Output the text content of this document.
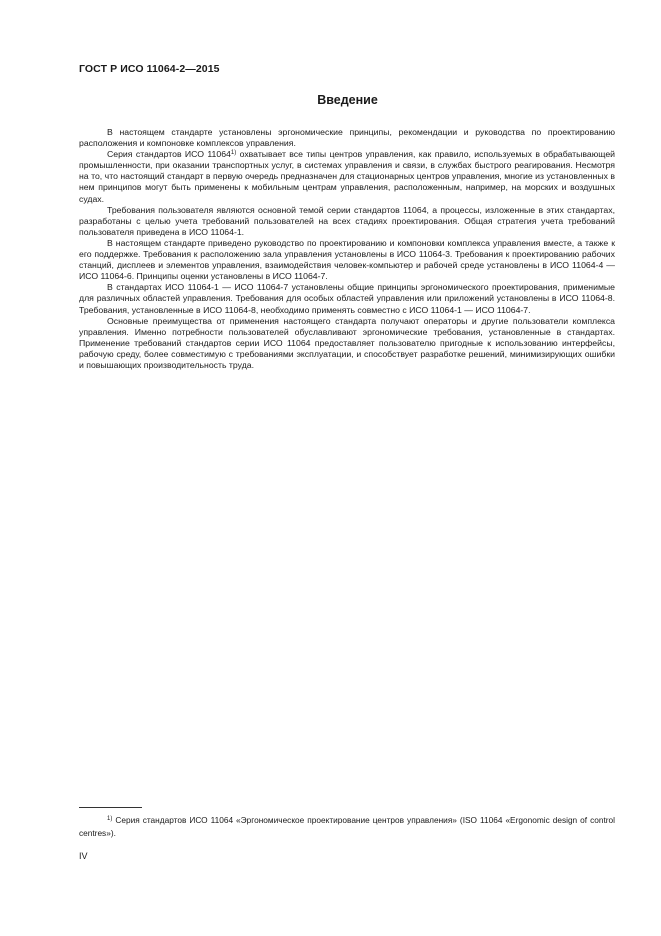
ГОСТ Р ИСО 11064-2—2015
Введение

В настоящем стандарте установлены эргономические принципы, рекомендации и руководства по проектированию расположения и компоновке комплексов управления.

Серия стандартов ИСО 11064$^{1)}$ охватывает все типы центров управления, как правило, используемых в обрабатывающей промышленности, при оказании транспортных услуг, в системах управления и связи, в службах быстрого реагирования. Несмотря на то, что настоящий стандарт в первую очередь предназначен для стационарных центров управления, многие из установленных в нем принципов могут быть применены к мобильным центрам управления, расположенным, например, на морских и воздушных судах.

Требования пользователя являются основной темой серии стандартов 11064, а процессы, изложенные в этих стандартах, разработаны с целью учета требований пользователей на всех стадиях проектирования. Общая стратегия учета требований пользователя приведена в ИСО 11064-1.

В настоящем стандарте приведено руководство по проектированию и компоновки комплекса управления вместе, а также к его поддержке. Требования к расположению зала управления установлены в ИСО 11064-3. Требования к проектированию рабочих станций, дисплеев и элементов управления, взаимодействия человек-компьютер и рабочей среде установлены в ИСО 11064-4 — ИСО 11064-6. Принципы оценки установлены в ИСО 11064-7.

В стандартах ИСО 11064-1 — ИСО 11064-7 установлены общие принципы эргономического проектирования, применимые для различных областей управления. Требования для особых областей управления или приложений установлены в ИСО 11064-8. Требования, установленные в ИСО 11064-8, необходимо применять совместно с ИСО 11064-1 — ИСО 11064-7.

Основные преимущества от применения настоящего стандарта получают операторы и другие пользователи комплекса управления. Именно потребности пользователей обуславливают эргономические требования, установленные в стандартах. Применение требований стандартов серии ИСО 11064 предоставляет пользователю пригодные к использованию интерфейсы, рабочую среду, более совместимую с требованиями эксплуатации, и способствует разработке решений, минимизирующих ошибки и повышающих производительность труда.

$^{1)}$ Серия стандартов ИСО 11064 «Эргономическое проектирование центров управления» (ISO 11064 «Ergonomic design of control centres»).

IV
